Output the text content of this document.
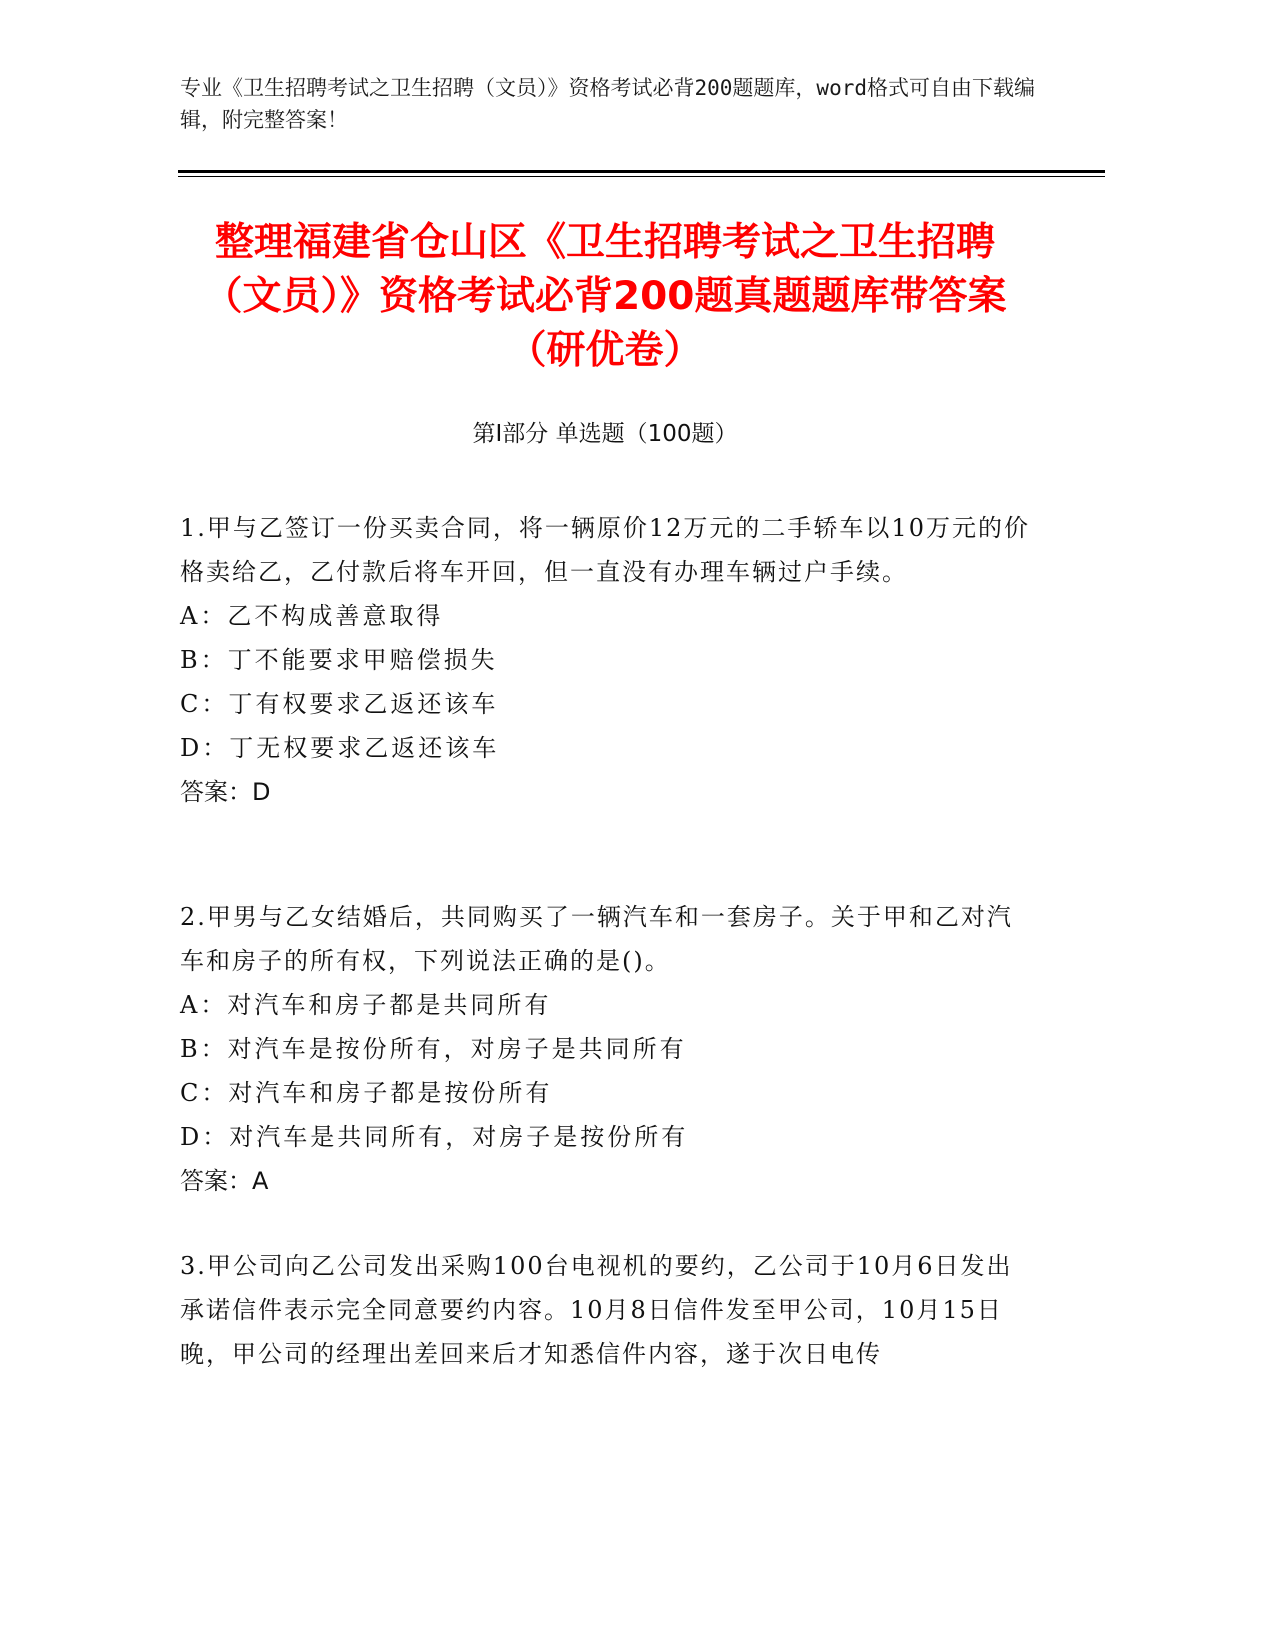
专业《卫生招聘考试之卫生招聘（文员）》资格考试必背200题题库，word格式可自由下载编辑，附完整答案！
整理福建省仓山区《卫生招聘考试之卫生招聘（文员）》资格考试必背200题真题题库带答案（研优卷）
第Ⅰ部分 单选题（100题）
1.甲与乙签订一份买卖合同，将一辆原价12万元的二手轿车以10万元的价格卖给乙，乙付款后将车开回，但一直没有办理车辆过户手续。
A：乙不构成善意取得
B：丁不能要求甲赔偿损失
C：丁有权要求乙返还该车
D：丁无权要求乙返还该车
答案：D
2.甲男与乙女结婚后，共同购买了一辆汽车和一套房子。关于甲和乙对汽车和房子的所有权，下列说法正确的是()。
A：对汽车和房子都是共同所有
B：对汽车是按份所有，对房子是共同所有
C：对汽车和房子都是按份所有
D：对汽车是共同所有，对房子是按份所有
答案：A
3.甲公司向乙公司发出采购100台电视机的要约，乙公司于10月6日发出承诺信件表示完全同意要约内容。10月8日信件发至甲公司，10月15日晚，甲公司的经理出差回来后才知悉信件内容，遂于次日电传
